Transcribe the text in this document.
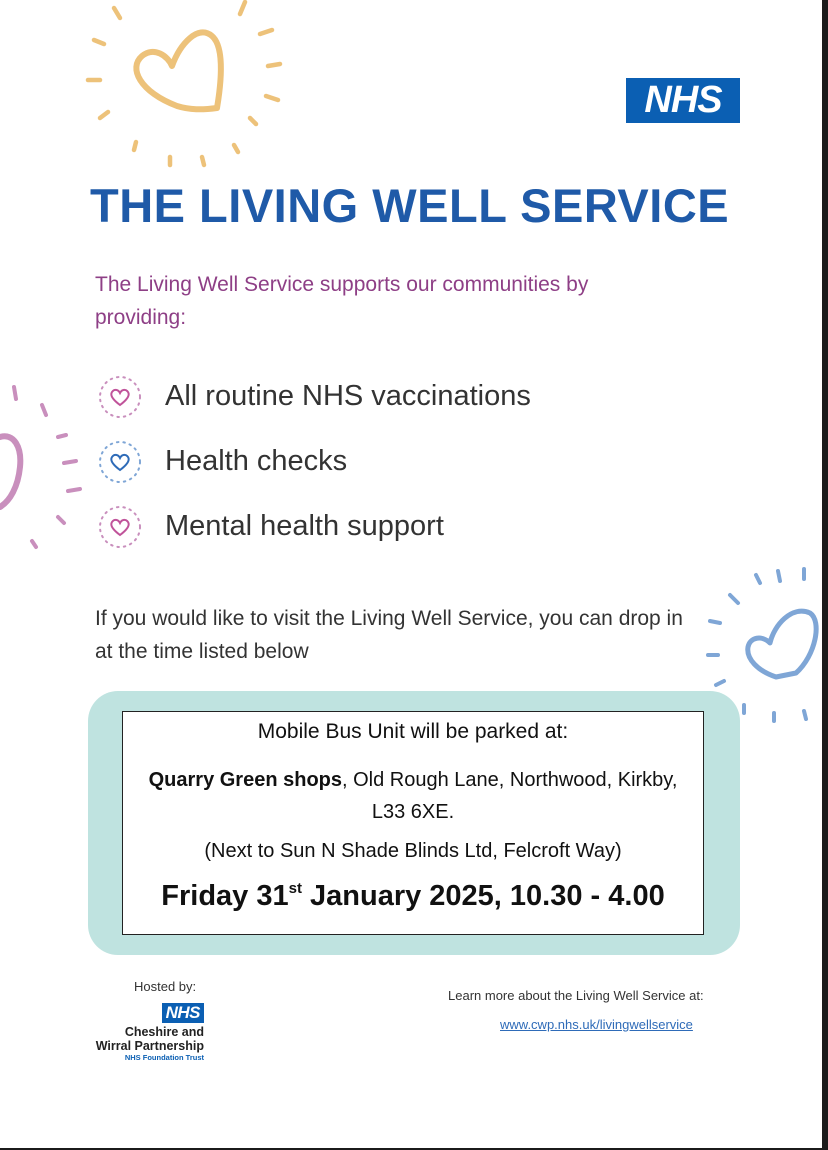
NHS
THE LIVING WELL SERVICE
The Living Well Service supports our communities by providing:
All routine NHS vaccinations
Health checks
Mental health support
If you would like to visit the Living Well Service, you can drop in at the time listed below
Mobile Bus Unit will be parked at:
Quarry Green shops, Old Rough Lane, Northwood, Kirkby, L33 6XE.
(Next to Sun N Shade Blinds Ltd, Felcroft Way)
Friday 31st January 2025, 10.30 - 4.00
Hosted by:
NHS
Cheshire and
Wirral Partnership
NHS Foundation Trust
Learn more about the Living Well Service at:
www.cwp.nhs.uk/livingwellservice
